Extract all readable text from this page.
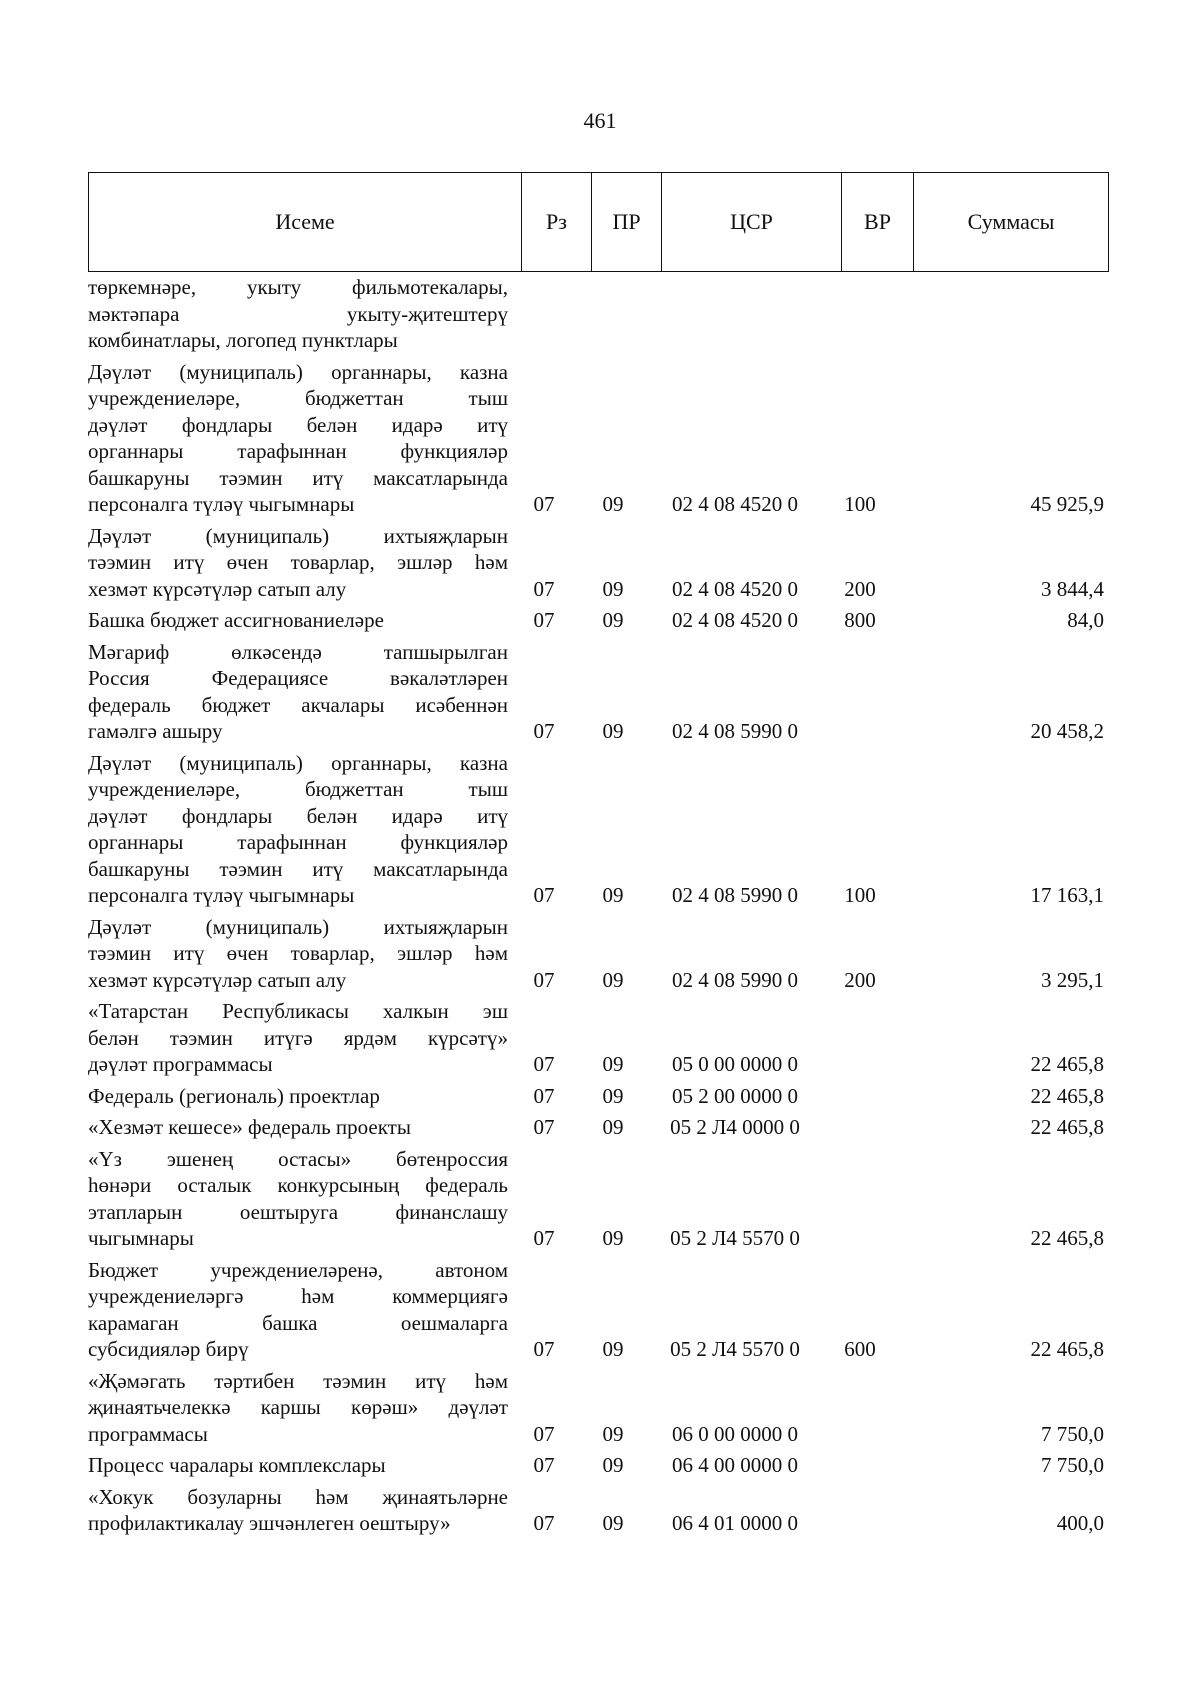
461
Исеме	Рз	ПР	ЦСР	ВР	Суммасы
төркемнәре, укыту фильмотекалары,
мәктәпара укыту-җитештерү
комбинатлары, логопед пунктлары
Дәүләт (муниципаль) органнары, казна
учреждениеләре, бюджеттан тыш
дәүләт фондлары белән идарә итү
органнары тарафыннан функцияләр
башкаруны тәэмин итү максатларында
персоналга түләү чыгымнары	07	09	02 4 08 4520 0	100	45 925,9
Дәүләт (муниципаль) ихтыяҗларын
тәэмин итү өчен товарлар, эшләр һәм
хезмәт күрсәтүләр сатып алу	07	09	02 4 08 4520 0	200	3 844,4
Башка бюджет ассигнованиеләре	07	09	02 4 08 4520 0	800	84,0
Мәгариф өлкәсендә тапшырылган
Россия Федерациясе вәкаләтләрен
федераль бюджет акчалары исәбеннән
гамәлгә ашыру	07	09	02 4 08 5990 0	20 458,2
Дәүләт (муниципаль) органнары, казна
учреждениеләре, бюджеттан тыш
дәүләт фондлары белән идарә итү
органнары тарафыннан функцияләр
башкаруны тәэмин итү максатларында
персоналга түләү чыгымнары	07	09	02 4 08 5990 0	100	17 163,1
Дәүләт (муниципаль) ихтыяҗларын
тәэмин итү өчен товарлар, эшләр һәм
хезмәт күрсәтүләр сатып алу	07	09	02 4 08 5990 0	200	3 295,1
«Татарстан Республикасы халкын эш
белән тәэмин итүгә ярдәм күрсәтү»
дәүләт программасы	07	09	05 0 00 0000 0	22 465,8
Федераль (региональ) проектлар	07	09	05 2 00 0000 0	22 465,8
«Хезмәт кешесе» федераль проекты	07	09	05 2 Л4 0000 0	22 465,8
«Үз эшенең остасы» бөтенроссия
һөнәри осталык конкурсының федераль
этапларын оештыруга финанслашу
чыгымнары	07	09	05 2 Л4 5570 0	22 465,8
Бюджет учреждениеләренә, автоном
учреждениеләргә һәм коммерциягә
карамаган башка оешмаларга
субсидияләр бирү	07	09	05 2 Л4 5570 0	600	22 465,8
«Җәмәгать тәртибен тәэмин итү һәм
җинаятьчелеккә каршы көрәш» дәүләт
программасы	07	09	06 0 00 0000 0	7 750,0
Процесс чаралары комплекслары	07	09	06 4 00 0000 0	7 750,0
«Хокук бозуларны һәм җинаятьләрне
профилактикалау эшчәнлеген оештыру»	07	09	06 4 01 0000 0	400,0
